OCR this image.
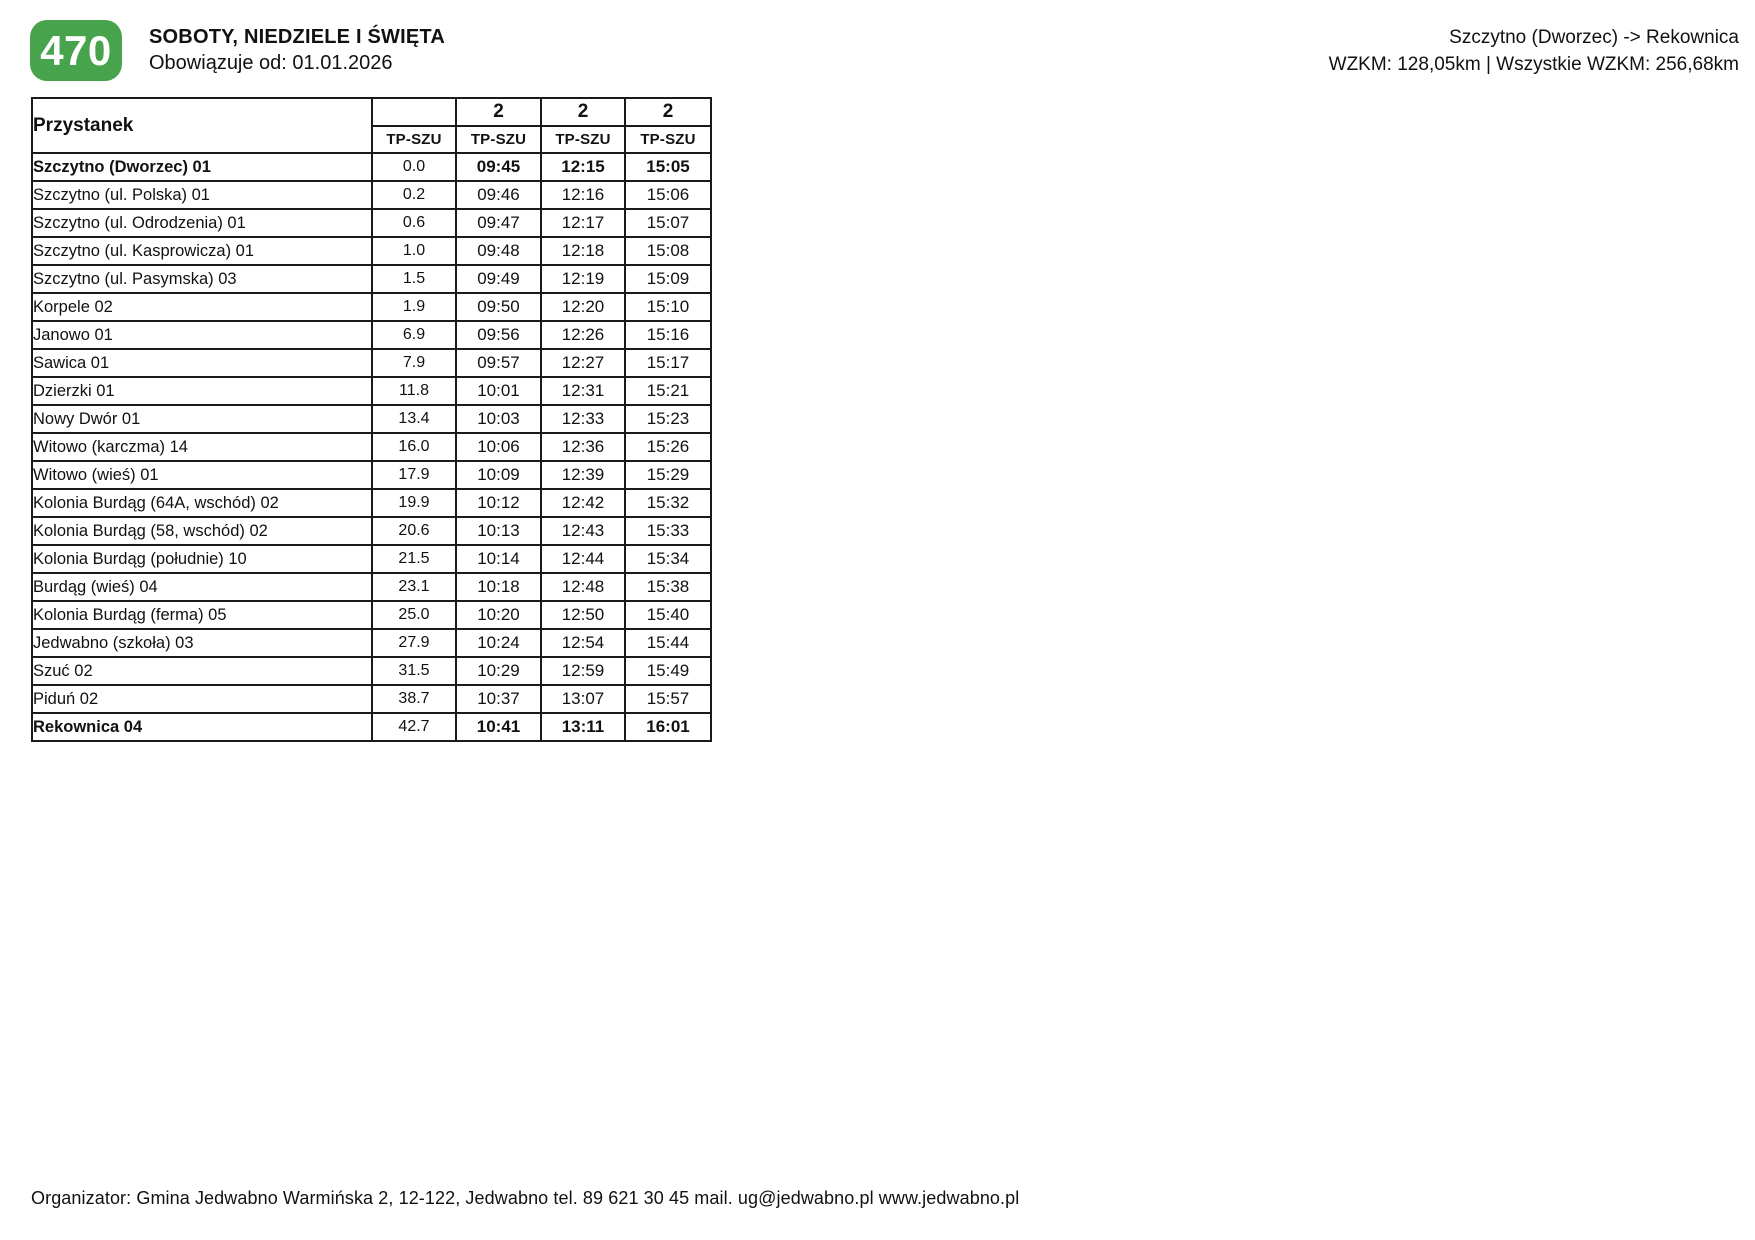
470	SOBOTY, NIEDZIELE I ŚWIĘTA
Obowiązuje od: 01.01.2026
Szczytno (Dworzec) -> Rekownica
WZKM: 128,05km | Wszystkie WZKM: 256,68km
Przystanek		2	2	2
	TP-SZU	TP-SZU	TP-SZU	TP-SZU
Szczytno (Dworzec) 01	0.0	09:45	12:15	15:05
Szczytno (ul. Polska) 01	0.2	09:46	12:16	15:06
Szczytno (ul. Odrodzenia) 01	0.6	09:47	12:17	15:07
Szczytno (ul. Kasprowicza) 01	1.0	09:48	12:18	15:08
Szczytno (ul. Pasymska) 03	1.5	09:49	12:19	15:09
Korpele 02	1.9	09:50	12:20	15:10
Janowo 01	6.9	09:56	12:26	15:16
Sawica 01	7.9	09:57	12:27	15:17
Dzierzki 01	11.8	10:01	12:31	15:21
Nowy Dwór 01	13.4	10:03	12:33	15:23
Witowo (karczma) 14	16.0	10:06	12:36	15:26
Witowo (wieś) 01	17.9	10:09	12:39	15:29
Kolonia Burdąg (64A, wschód) 02	19.9	10:12	12:42	15:32
Kolonia Burdąg (58, wschód) 02	20.6	10:13	12:43	15:33
Kolonia Burdąg (południe) 10	21.5	10:14	12:44	15:34
Burdąg (wieś) 04	23.1	10:18	12:48	15:38
Kolonia Burdąg (ferma) 05	25.0	10:20	12:50	15:40
Jedwabno (szkoła) 03	27.9	10:24	12:54	15:44
Szuć 02	31.5	10:29	12:59	15:49
Piduń 02	38.7	10:37	13:07	15:57
Rekownica 04	42.7	10:41	13:11	16:01
Organizator: Gmina Jedwabno Warmińska 2, 12-122, Jedwabno tel. 89 621 30 45 mail. ug@jedwabno.pl www.jedwabno.pl
